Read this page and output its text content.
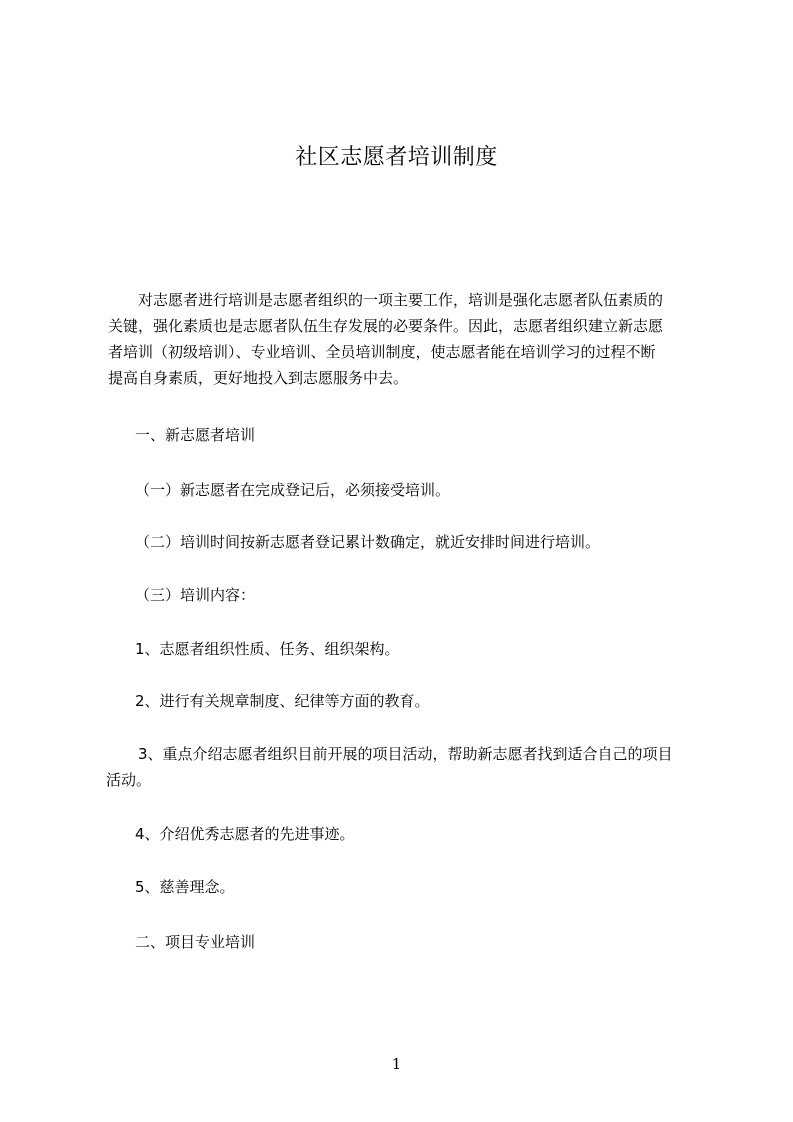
社区志愿者培训制度
　　对志愿者进行培训是志愿者组织的一项主要工作，培训是强化志愿者队伍素质的
关键，强化素质也是志愿者队伍生存发展的必要条件。因此，志愿者组织建立新志愿
者培训（初级培训）、专业培训、全员培训制度，使志愿者能在培训学习的过程不断
提高自身素质，更好地投入到志愿服务中去。
一、新志愿者培训
（一）新志愿者在完成登记后，必须接受培训。
（二）培训时间按新志愿者登记累计数确定，就近安排时间进行培训。
（三）培训内容：
1、志愿者组织性质、任务、组织架构。
2、进行有关规章制度、纪律等方面的教育。
3、重点介绍志愿者组织目前开展的项目活动，帮助新志愿者找到适合自己的项目
活动。
4、介绍优秀志愿者的先进事迹。
5、慈善理念。
二、项目专业培训
1
